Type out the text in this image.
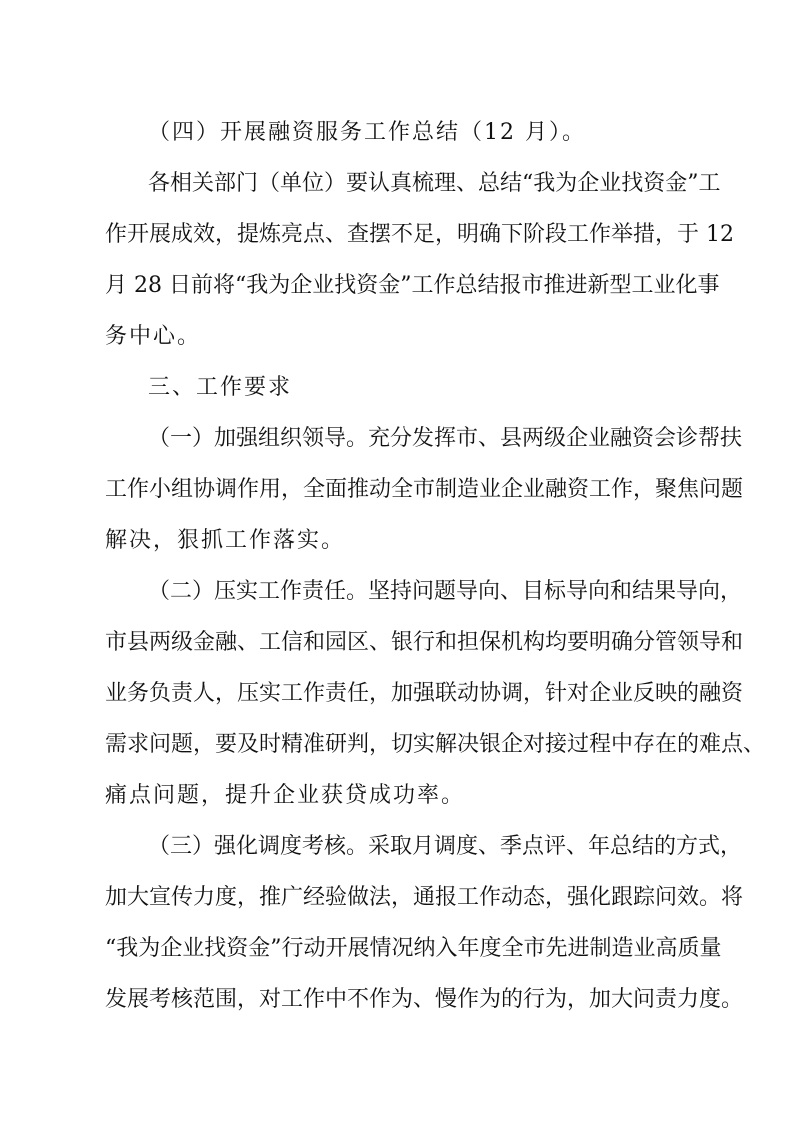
（四）开展融资服务工作总结（12 月）。
各相关部门（单位）要认真梳理、总结“我为企业找资金”工
作开展成效，提炼亮点、查摆不足，明确下阶段工作举措，于 12
月 28 日前将“我为企业找资金”工作总结报市推进新型工业化事
务中心。
三、工作要求
（一）加强组织领导。充分发挥市、县两级企业融资会诊帮扶
工作小组协调作用，全面推动全市制造业企业融资工作，聚焦问题
解决，狠抓工作落实。
（二）压实工作责任。坚持问题导向、目标导向和结果导向，
市县两级金融、工信和园区、银行和担保机构均要明确分管领导和
业务负责人，压实工作责任，加强联动协调，针对企业反映的融资
需求问题，要及时精准研判，切实解决银企对接过程中存在的难点、
痛点问题，提升企业获贷成功率。
（三）强化调度考核。采取月调度、季点评、年总结的方式，
加大宣传力度，推广经验做法，通报工作动态，强化跟踪问效。将
“我为企业找资金”行动开展情况纳入年度全市先进制造业高质量
发展考核范围，对工作中不作为、慢作为的行为，加大问责力度。
